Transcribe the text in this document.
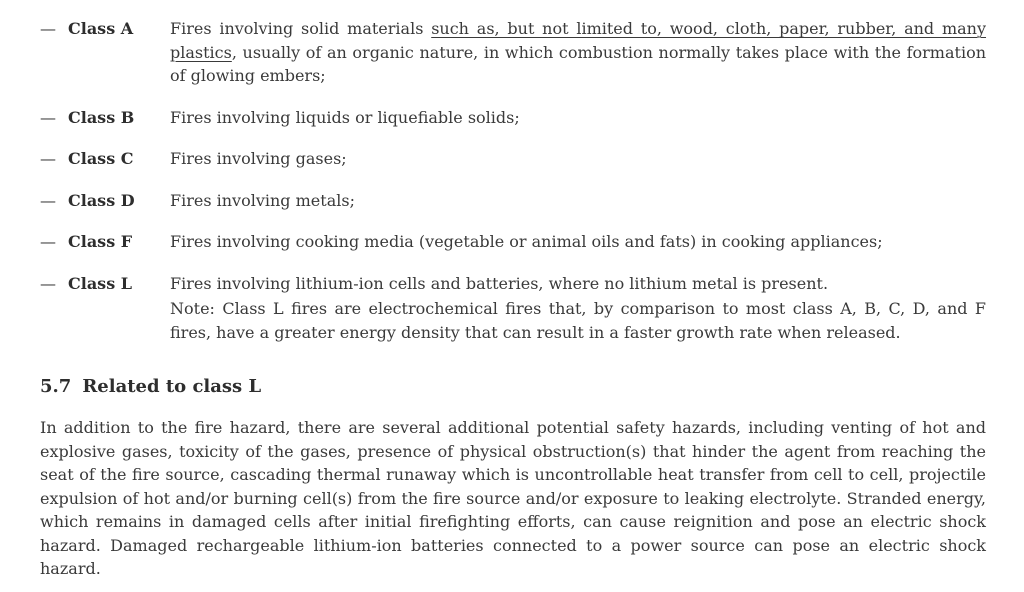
— Class A	Fires involving solid materials such as, but not limited to, wood, cloth, paper, rubber, and many plastics, usually of an organic nature, in which combustion normally takes place with the formation of glowing embers;
— Class B	Fires involving liquids or liquefiable solids;
— Class C	Fires involving gases;
— Class D	Fires involving metals;
— Class F	Fires involving cooking media (vegetable or animal oils and fats) in cooking appliances;
— Class L	Fires involving lithium-ion cells and batteries, where no lithium metal is present.
Note: Class L fires are electrochemical fires that, by comparison to most class A, B, C, D, and F fires, have a greater energy density that can result in a faster growth rate when released.
5.7 Related to class L

In addition to the fire hazard, there are several additional potential safety hazards, including venting of hot and explosive gases, toxicity of the gases, presence of physical obstruction(s) that hinder the agent from reaching the seat of the fire source, cascading thermal runaway which is uncontrollable heat transfer from cell to cell, projectile expulsion of hot and/or burning cell(s) from the fire source and/or exposure to leaking electrolyte. Stranded energy, which remains in damaged cells after initial firefighting efforts, can cause reignition and pose an electric shock hazard. Damaged rechargeable lithium-ion batteries connected to a power source can pose an electric shock hazard.
